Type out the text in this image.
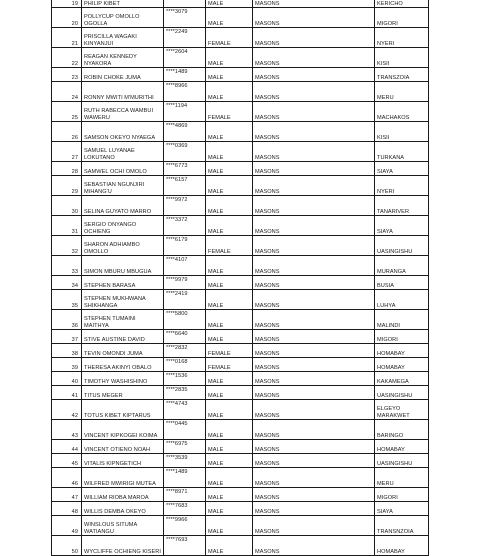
19	PHILIP KIBET		MALE	MASONS	KERICHO
20	POLLYCUP OMOLLO OGOLLA	****3079	MALE	MASONS	MIGORI
21	PRISCILLA WAGAKI KINYANJUI	****2249	FEMALE	MASONS	NYERI
22	REAGAN KENNEDY NYAKORA	****2604	MALE	MASONS	KISII
23	ROBIN CHOKE JUMA	****1489	MALE	MASONS	TRANSZOIA
24	RONNY MWITI M'MURITHI	****8966	MALE	MASONS	MERU
25	RUTH RABECCA WAMBUI WAWERU	****1194	FEMALE	MASONS	MACHAKOS
26	SAMSON OKEYO NYAEGA	****4869	MALE	MASONS	KISII
27	SAMUEL LUYANAE LOKUTANO	****0369	MALE	MASONS	TURKANA
28	SAMWEL OCHI OMOLO	****6773	MALE	MASONS	SIAYA
29	SEBASTIAN NGUNJIRI MIHANG'U	****6157	MALE	MASONS	NYERI
30	SELINA GUYATO MARRO	****9972	MALE	MASONS	TANARIVER
31	SERGIO ONYANGO OCHIENG	****3372	MALE	MASONS	SIAYA
32	SHARON ADHIAMBO OMOLLO	****6179	FEMALE	MASONS	UASINGISHU
33	SIMON MBURU MBUGUA	****4107	MALE	MASONS	MURANGA
34	STEPHEN BARASA	****9979	MALE	MASONS	BUSIA
35	STEPHEN MUKHWANA SHIKHANGA	****2419	MALE	MASONS	LUHYA
36	STEPHEN TUMAINI MAITHYA	****5800	MALE	MASONS	MALINDI
37	STIVE AUSTINE DAVID	****6640	MALE	MASONS	MIGORI
38	TEVIN OMONDI JUMA	****2832	FEMALE	MASONS	HOMABAY
39	THERESA AKINYI OBALO	****0168	FEMALE	MASONS	HOMABAY
40	TIMOTHY WASHISHINO	****1536	MALE	MASONS	KAKAMEGA
41	TITUS MEGER	****2835	MALE	MASONS	UASINGISHU
42	TOTUS KIBET KIPTARUS	****4743	MALE	MASONS	ELGEYO MARAKWET
43	VINCENT KIPKOGEI KOIMA	****0445	MALE	MASONS	BARINGO
44	VINCENT OTIENO NOAH	****6975	MALE	MASONS	HOMABAY
45	VITALIS KIPNGETICH	****3539	MALE	MASONS	UASINGISHU
46	WILFRED MWIRIGI MUTEA	****1489	MALE	MASONS	MERU
47	WILLIAM RIOBA MAROA	****8971	MALE	MASONS	MIGORI
48	WILLIS DEMBA OKEYO	****7683	MALE	MASONS	SIAYA
49	WINSLOUS SITUMA WATIANGU	****9966	MALE	MASONS	TRANSNZOIA
50	WYCLIFFE OCHIENG KISERI	****7693	MALE	MASONS	HOMABAY
